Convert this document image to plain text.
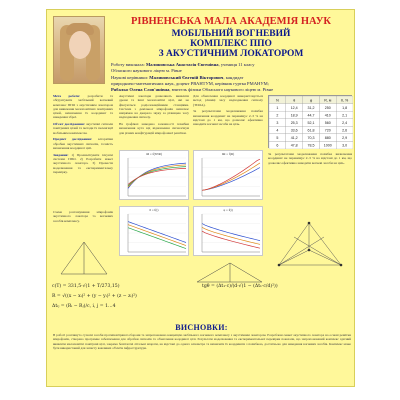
РІВНЕНСЬКА МАЛА АКАДЕМІЯ НАУК
МОБІЛЬНИЙ ВОГНЕВИЙ
КОМПЛЕКС ППО
З АКУСТИЧНИМ ЛОКАТОРОМ
Роботу виконала: Малиновська Анастасія Євгенівна, учениця 11 класу
Обласного наукового ліцею м. Рівне
Наукові керівники: Малиновський Євгеній Вікторович, кандидат
природничо-математичних наук, доцент РВАНТУМ, керівник гуртка РМАНУМ;
Рябалко Олена Слов'янівна, вчитель фізики Обласного наукового ліцею м. Рівне

Мета роботи: розробити та обґрунтувати мобільний вогневий комплекс ППО з акустичним локатором для виявлення малопомітних повітряних цілей, визначення їх координат та наведення зброї.

Об'єкт дослідження: акустичні сигнали повітряних цілей та методи їх пеленгації мобільним комплексом.

Предмет дослідження: алгоритми обробки акустичних сигналів, точність визначення координат цілі.

Завдання: 1) Проаналізувати існуючі системи ППО. 2) Розробити макет акустичного локатора. 3) Провести моделювання та експериментальну перевірку.

Акустичні локатори дозволяють виявляти дрони та інші малопомітні цілі, які не фіксуються радіолокаційними станціями. Система з декількох мікрофонів визначає напрямок на джерело звуку за різницею часу надходження сигналу.

На графіках наведено залежності похибки визначення кута від відношення сигнал/шум для різних конфігурацій мікрофонної решітки.

Для обчислення координат використовується метод різниці часу надходження сигналу (TDOA).

За результатами моделювання похибка визначення координат не перевищує 2–3 % на відстані до 1 км, що дозволяє ефективно наводити вогневі засоби на ціль.

N	θ	φ	R, м	δ, %
1	12,4	31,2	250	1,8
2	18,9	44,7	410	2,1
3	25,3	52,1	560	2,4
4	33,6	61,8	720	2,6
5	41,2	70,3	880	2,9
6	47,8	78,5	1000	3,0
δθ = f(SNR)	δR = f(R)
θ = f(t)	φ = f(t)

За результатами моделювання похибка визначення координат не перевищує 2–3 % на відстані до 1 км, що дозволяє ефективно наводити вогневі засоби на ціль.

Схема розташування мікрофонів акустичного локатора та вогневих засобів комплексу.

c(T) = 331,5·√(1 + T/273,15)	tgθ = (Δt₁·c)/(d·√(1 − (Δt₁·c/d)²))
R = √((x − xᵢ)² + (y − yᵢ)² + (z − zᵢ)²)
Δtᵢⱼ = (Rᵢ − Rⱼ)/c, i, j = 1…4
ВИСНОВКИ:
В роботі розглянуто сучасні засоби протиповітряної оборони та запропоновано концепцію мобільного вогневого комплексу з акустичним локатором. Розроблено макет акустичного локатора на основі решітки мікрофонів, створено програмне забезпечення для обробки сигналів та обчислення координат цілі. Результати моделювання та експериментальної перевірки показали, що запропонований комплекс здатний виявляти малопомітні повітряні цілі, зокрема безпілотні літальні апарати, на відстані до одного кілометра та визначати їх координати з похибкою, достатньою для наведення вогневих засобів. Комплекс може бути використаний для захисту важливих об'єктів інфраструктури.
